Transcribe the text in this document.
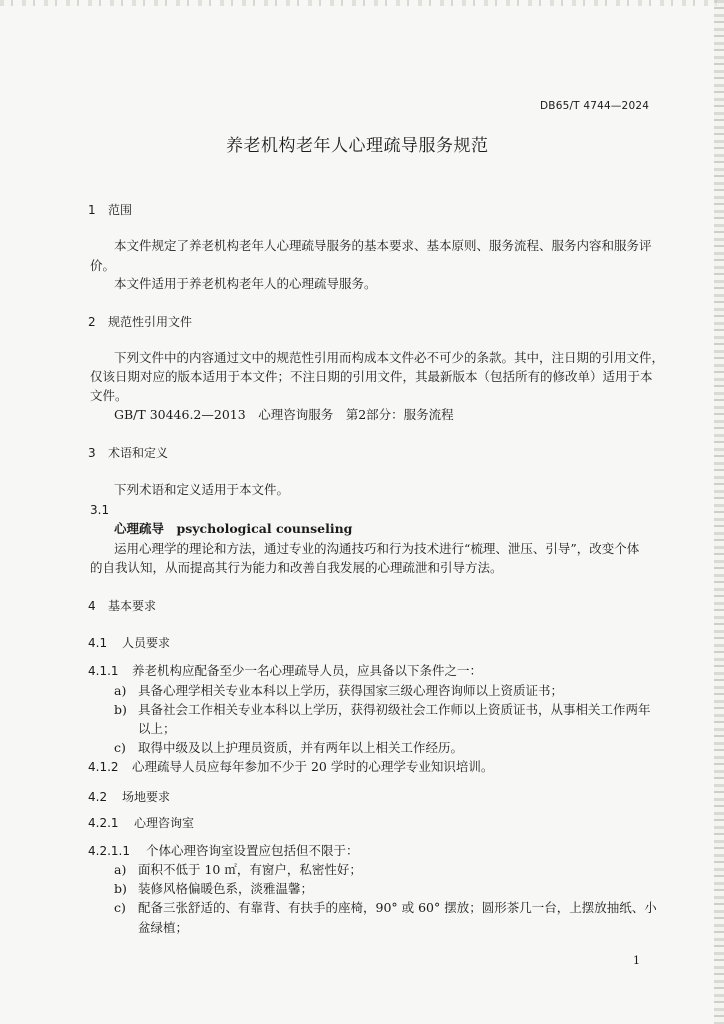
DB65/T 4744—2024
养老机构老年人心理疏导服务规范
1 范围
本文件规定了养老机构老年人心理疏导服务的基本要求、基本原则、服务流程、服务内容和服务评
价。
本文件适用于养老机构老年人的心理疏导服务。
2 规范性引用文件
下列文件中的内容通过文中的规范性引用而构成本文件必不可少的条款。其中，注日期的引用文件，
仅该日期对应的版本适用于本文件；不注日期的引用文件，其最新版本（包括所有的修改单）适用于本
文件。
GB/T 30446.2—2013　心理咨询服务　第2部分：服务流程
3 术语和定义
下列术语和定义适用于本文件。
3.1
心理疏导　psychological counseling
运用心理学的理论和方法，通过专业的沟通技巧和行为技术进行“梳理、泄压、引导”，改变个体
的自我认知，从而提高其行为能力和改善自我发展的心理疏泄和引导方法。
4 基本要求
4.1 人员要求
4.1.1 养老机构应配备至少一名心理疏导人员，应具备以下条件之一：
a) 具备心理学相关专业本科以上学历，获得国家三级心理咨询师以上资质证书；
b) 具备社会工作相关专业本科以上学历，获得初级社会工作师以上资质证书，从事相关工作两年
以上；
c) 取得中级及以上护理员资质，并有两年以上相关工作经历。
4.1.2 心理疏导人员应每年参加不少于 20 学时的心理学专业知识培训。
4.2 场地要求
4.2.1 心理咨询室
4.2.1.1 个体心理咨询室设置应包括但不限于：
a) 面积不低于 10 ㎡，有窗户，私密性好；
b) 装修风格偏暖色系，淡雅温馨；
c) 配备三张舒适的、有靠背、有扶手的座椅，90° 或 60° 摆放；圆形茶几一台，上摆放抽纸、小
盆绿植；
1
